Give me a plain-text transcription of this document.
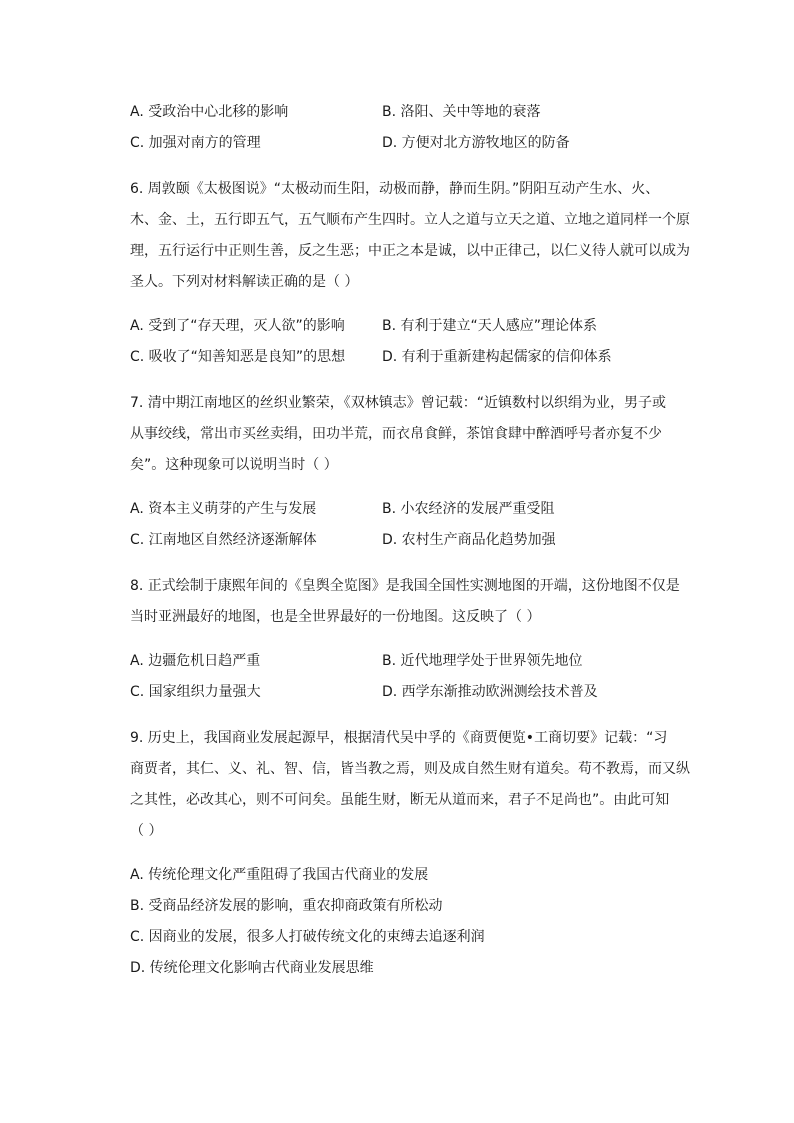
A. 受政治中心北移的影响	B. 洛阳、关中等地的衰落
C. 加强对南方的管理	D. 方便对北方游牧地区的防备
6. 周敦颐《太极图说》“太极动而生阳，动极而静，静而生阴。”阴阳互动产生水、火、
木、金、土，五行即五气，五气顺布产生四时。立人之道与立天之道、立地之道同样一个原
理，五行运行中正则生善，反之生恶；中正之本是诚，以中正律己，以仁义待人就可以成为
圣人。下列对材料解读正确的是（ ）
A. 受到了“存天理，灭人欲”的影响	B. 有利于建立“天人感应”理论体系
C. 吸收了“知善知恶是良知”的思想	D. 有利于重新建构起儒家的信仰体系
7. 清中期江南地区的丝织业繁荣，《双林镇志》曾记载：“近镇数村以织绢为业，男子或
从事绞线，常出市买丝卖绢，田功半荒，而衣帛食鲜，茶馆食肆中醉酒呼号者亦复不少
矣”。这种现象可以说明当时（ ）
A. 资本主义萌芽的产生与发展	B. 小农经济的发展严重受阻
C. 江南地区自然经济逐渐解体	D. 农村生产商品化趋势加强
8. 正式绘制于康熙年间的《皇舆全览图》是我国全国性实测地图的开端，这份地图不仅是
当时亚洲最好的地图，也是全世界最好的一份地图。这反映了（ ）
A. 边疆危机日趋严重	B. 近代地理学处于世界领先地位
C. 国家组织力量强大	D. 西学东渐推动欧洲测绘技术普及
9. 历史上，我国商业发展起源早，根据清代吴中孚的《商贾便览•工商切要》记载：“习
商贾者，其仁、义、礼、智、信，皆当教之焉，则及成自然生财有道矣。苟不教焉，而又纵
之其性，必改其心，则不可问矣。虽能生财，断无从道而来，君子不足尚也”。由此可知
（ ）
A. 传统伦理文化严重阻碍了我国古代商业的发展
B. 受商品经济发展的影响，重农抑商政策有所松动
C. 因商业的发展，很多人打破传统文化的束缚去追逐利润
D. 传统伦理文化影响古代商业发展思维
